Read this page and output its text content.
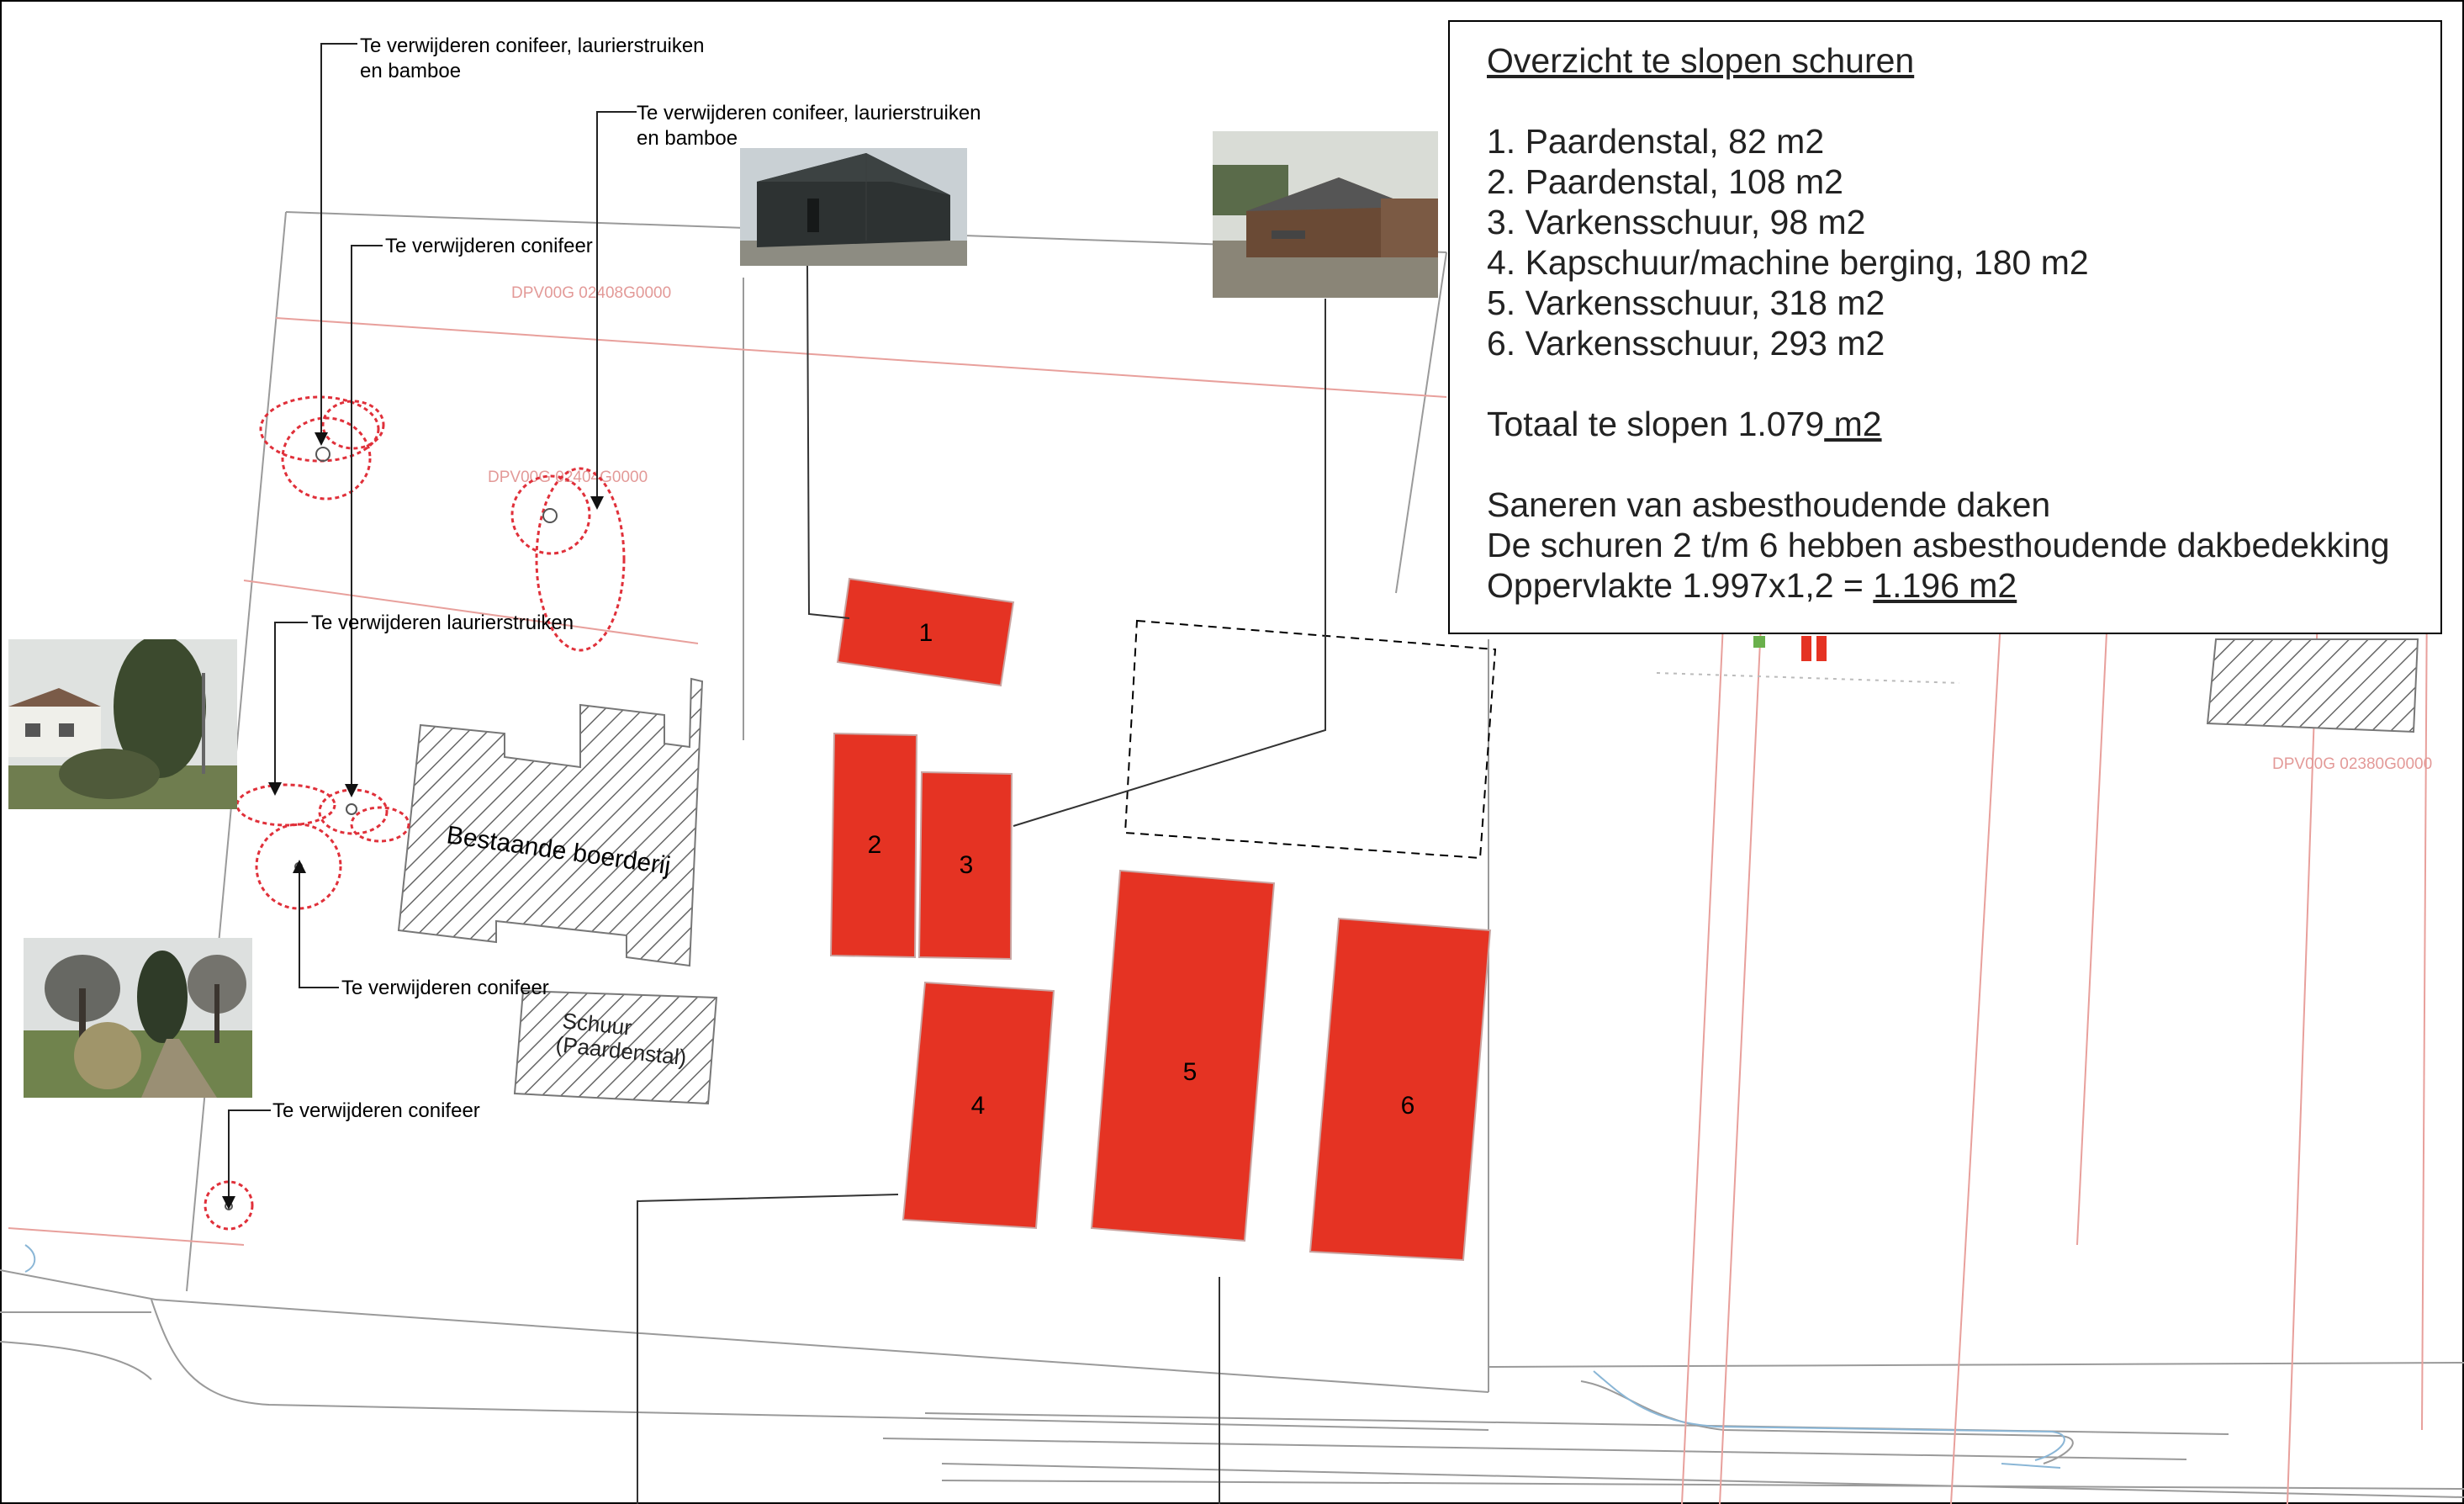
DPV00G 02408G0000
DPV00G 02404G0000
DPV00G 02380G0000
Bestaande boerderij
Schuur
(Paardenstal)
1
2
3
4
5
6
Te verwijderen conifeer, laurierstruiken
en bamboe
Te verwijderen conifeer, laurierstruiken
en bamboe
Te verwijderen conifeer
Te verwijderen laurierstruiken
Te verwijderen conifeer
Te verwijderen conifeer
Overzicht te slopen schuren
1. Paardenstal, 82 m2
2. Paardenstal, 108 m2
3. Varkensschuur, 98 m2
4. Kapschuur/machine berging, 180 m2
5. Varkensschuur, 318 m2
6. Varkensschuur, 293 m2
Totaal te slopen 1.079 m2
Saneren van asbesthoudende daken
De schuren 2 t/m 6 hebben asbesthoudende dakbedekking
Oppervlakte 1.997x1,2 = 1.196 m2
